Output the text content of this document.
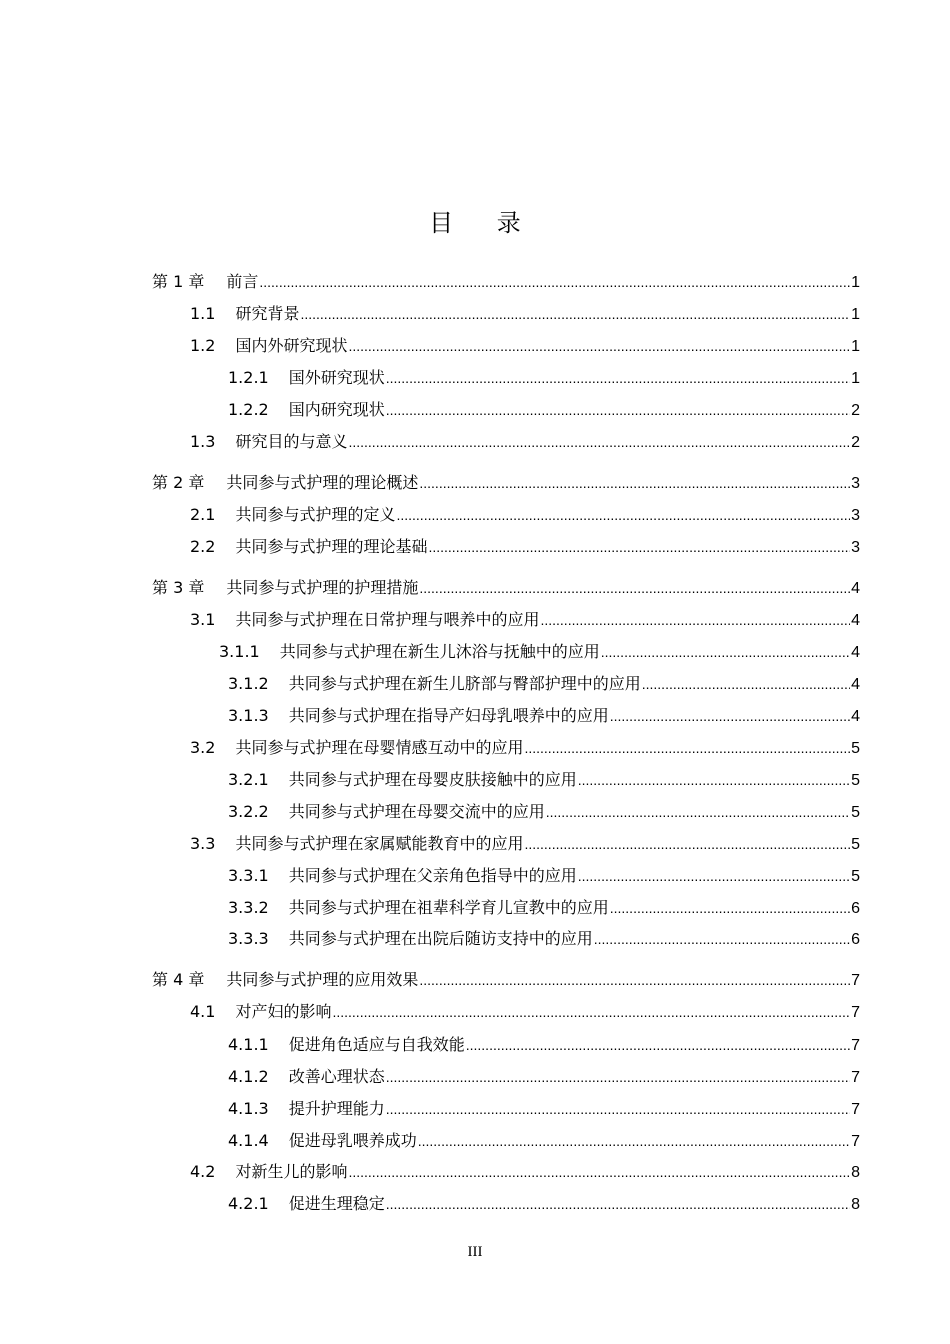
目 录
第 1 章 前言 .....	1
1.1 研究背景 .....	1
1.2 国内外研究现状 .....	1
1.2.1 国外研究现状 .....	1
1.2.2 国内研究现状 .....	2
1.3 研究目的与意义 .....	2
第 2 章 共同参与式护理的理论概述 .....	3
2.1 共同参与式护理的定义 .....	3
2.2 共同参与式护理的理论基础 .....	3
第 3 章 共同参与式护理的护理措施 .....	4
3.1 共同参与式护理在日常护理与喂养中的应用 .....	4
3.1.1 共同参与式护理在新生儿沐浴与抚触中的应用 .....	4
3.1.2 共同参与式护理在新生儿脐部与臀部护理中的应用 .....	4
3.1.3 共同参与式护理在指导产妇母乳喂养中的应用 .....	4
3.2 共同参与式护理在母婴情感互动中的应用 .....	5
3.2.1 共同参与式护理在母婴皮肤接触中的应用 .....	5
3.2.2 共同参与式护理在母婴交流中的应用 .....	5
3.3 共同参与式护理在家属赋能教育中的应用 .....	5
3.3.1 共同参与式护理在父亲角色指导中的应用 .....	5
3.3.2 共同参与式护理在祖辈科学育儿宣教中的应用 .....	6
3.3.3 共同参与式护理在出院后随访支持中的应用 .....	6
第 4 章 共同参与式护理的应用效果 .....	7
4.1 对产妇的影响 .....	7
4.1.1 促进角色适应与自我效能 .....	7
4.1.2 改善心理状态 .....	7
4.1.3 提升护理能力 .....	7
4.1.4 促进母乳喂养成功 .....	7
4.2 对新生儿的影响 .....	8
4.2.1 促进生理稳定 .....	8
III
